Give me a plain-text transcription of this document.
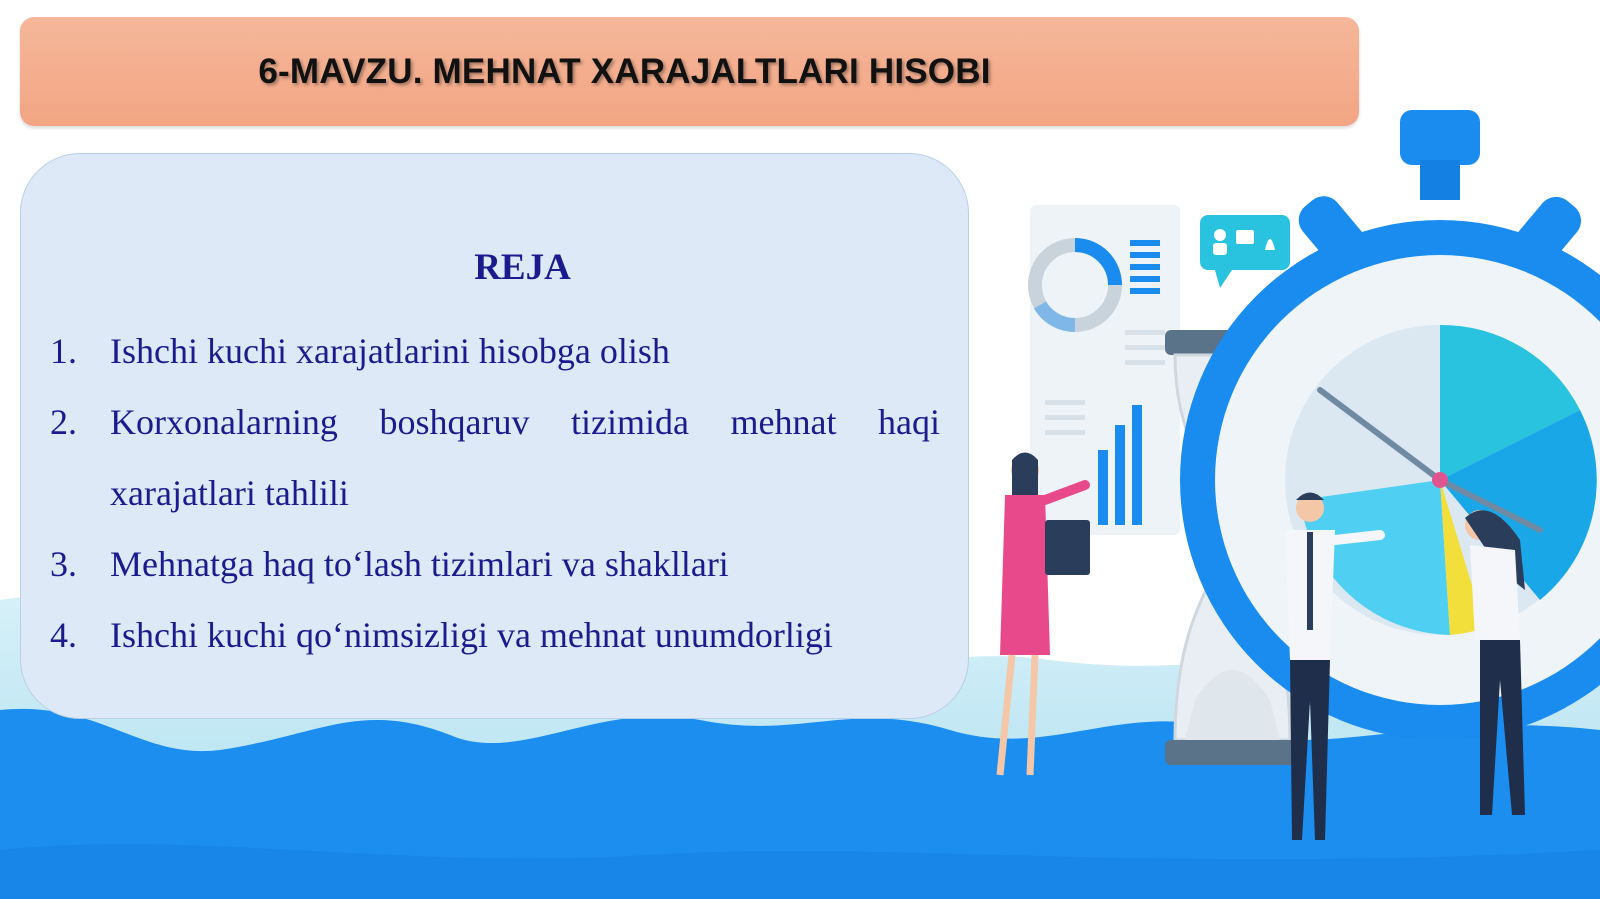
6-MAVZU. MEHNAT XARAJALTLARI HISOBI
REJA
1. Ishchi kuchi xarajatlarini hisobga olish
2. Korxonalarning boshqaruv tizimida mehnat haqi xarajatlari tahlili
3. Mehnatga haq to‘lash tizimlari va shakllari
4. Ishchi kuchi qo‘nimsizligi va mehnat unumdorligi
